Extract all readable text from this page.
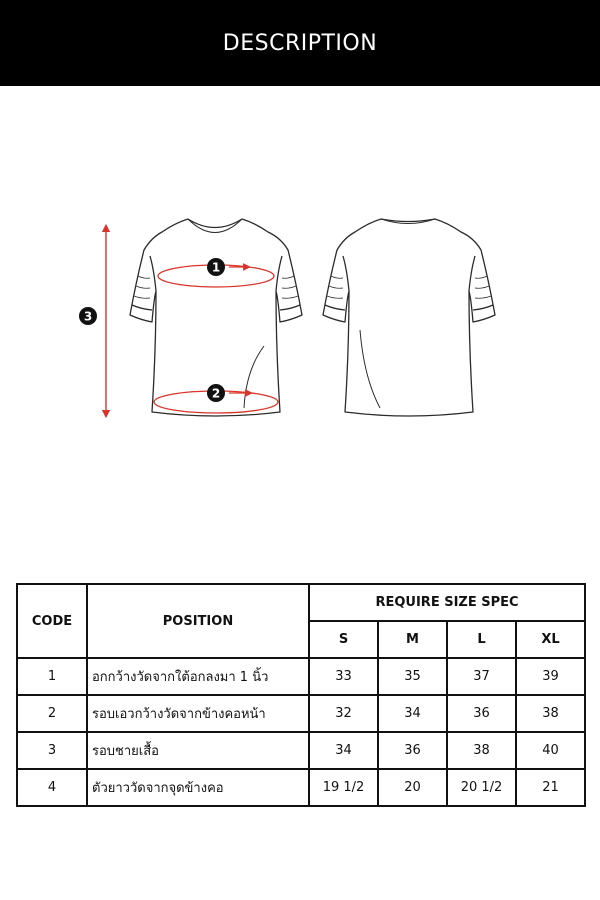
DESCRIPTION
1
2
3
CODE	POSITION	REQUIRE SIZE SPEC			
		S	M	L	XL
1	อกกว้างวัดจากใต้อกลงมา 1 นิ้ว	33	35	37	39
2	รอบเอวกว้างวัดจากข้างคอหน้า	32	34	36	38
3	รอบชายเสื้อ	34	36	38	40
4	ตัวยาววัดจากจุดข้างคอ	19 1/2	20	20 1/2	21
